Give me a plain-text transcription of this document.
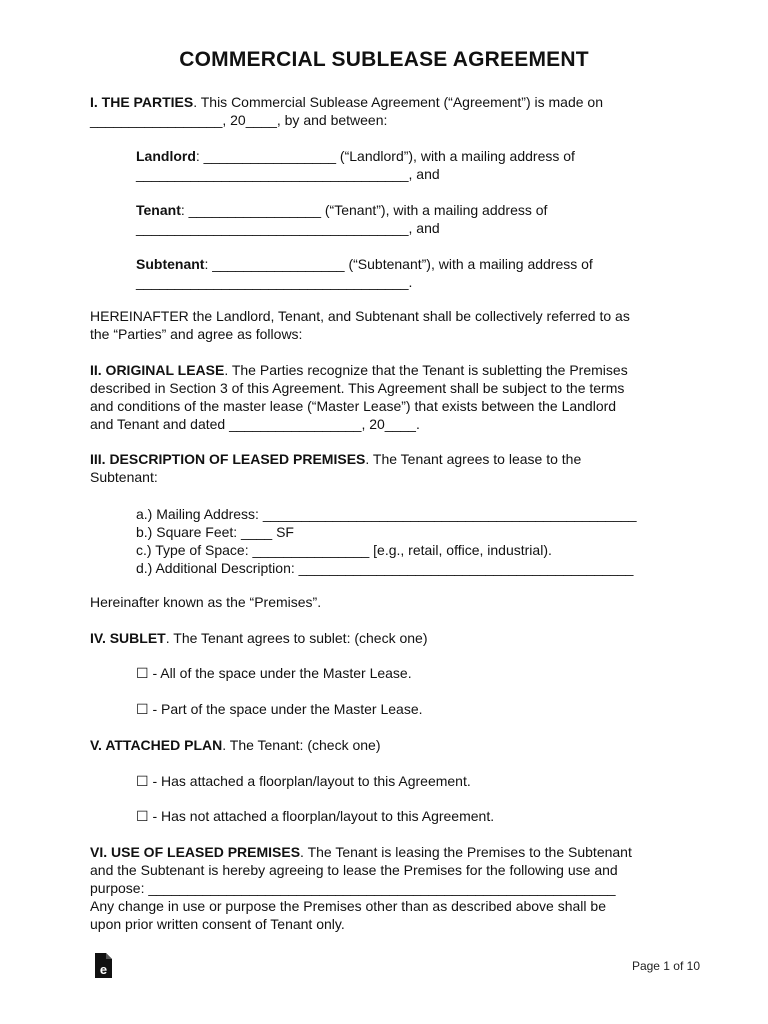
COMMERCIAL SUBLEASE AGREEMENT
I. THE PARTIES. This Commercial Sublease Agreement (“Agreement”) is made on
_________________, 20____, by and between:
Landlord: _________________ (“Landlord”), with a mailing address of
___________________________________, and
Tenant: _________________ (“Tenant”), with a mailing address of
___________________________________, and
Subtenant: _________________ (“Subtenant”), with a mailing address of
___________________________________.
HEREINAFTER the Landlord, Tenant, and Subtenant shall be collectively referred to as
the “Parties” and agree as follows:
II. ORIGINAL LEASE. The Parties recognize that the Tenant is subletting the Premises
described in Section 3 of this Agreement. This Agreement shall be subject to the terms
and conditions of the master lease (“Master Lease”) that exists between the Landlord
and Tenant and dated _________________, 20____.
III. DESCRIPTION OF LEASED PREMISES. The Tenant agrees to lease to the
Subtenant:
a.) Mailing Address: ________________________________________________
b.) Square Feet: ____ SF
c.) Type of Space: _______________ [e.g., retail, office, industrial).
d.) Additional Description: ___________________________________________
Hereinafter known as the “Premises”.
IV. SUBLET. The Tenant agrees to sublet: (check one)
☐ - All of the space under the Master Lease.
☐ - Part of the space under the Master Lease.
V. ATTACHED PLAN. The Tenant: (check one)
☐ - Has attached a floorplan/layout to this Agreement.
☐ - Has not attached a floorplan/layout to this Agreement.
VI. USE OF LEASED PREMISES. The Tenant is leasing the Premises to the Subtenant
and the Subtenant is hereby agreeing to lease the Premises for the following use and
purpose: ____________________________________________________________
Any change in use or purpose the Premises other than as described above shall be
upon prior written consent of Tenant only.
e	Page 1 of 10
